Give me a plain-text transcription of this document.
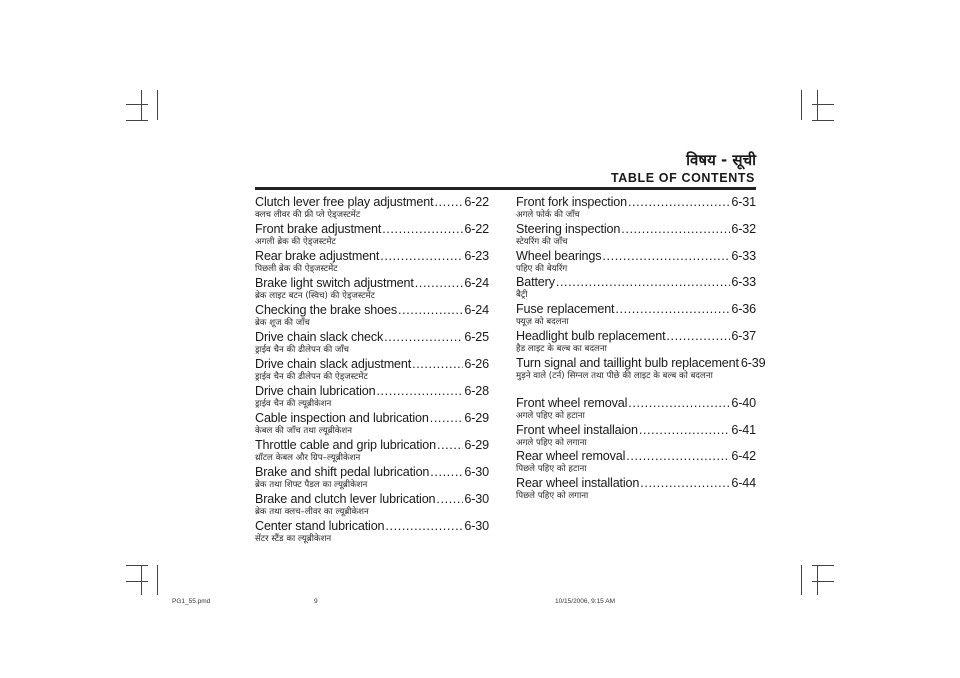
विषय - सूची
TABLE OF CONTENTS
Clutch lever free play adjustment ..... 6-22
क्लच लीवर की फ्री प्ले ऐड्जस्टमेंट
Front brake adjustment .....	6-22
अगली ब्रेक की ऐड्जस्टमेंट
Rear brake adjustment .....	6-23
पिछली ब्रेक की ऐड्जस्टमेंट
Brake light switch adjustment .....	6-24
ब्रेक लाइट बटन (स्विच) की ऐड्जस्टमेंट
Checking the brake shoes .....	6-24
ब्रेक शूज की जाँच
Drive chain slack check .....	6-25
ड्राईव चैन की ढीलेपन की जाँच
Drive chain slack adjustment .....	6-26
ड्राईव चैन की ढीलेपन की ऐड्जस्टमेंट
Drive chain lubrication .....	6-28
ड्राईव चैन की ल्यूब्रीकेशन
Cable inspection and lubrication .....	6-29
केबल की जाँच तथा ल्यूब्रीकेशन
Throttle cable and grip lubrication ..... 6-29
थ्रॉटल केबल और ग्रिप–ल्यूब्रीकेशन
Brake and shift pedal lubrication .....	6-30
ब्रेक तथा शिफ्ट पैडल का ल्यूब्रीकेशन
Brake and clutch lever lubrication ..... 6-30
ब्रेक तथा क्लच–लीवर का ल्यूब्रीकेशन
Center stand lubrication .....	6-30
सेंटर स्टैंड का ल्यूब्रीकेशन
Front fork inspection .....	6-31
अगले फोर्क की जाँच
Steering inspection .....	6-32
स्टेयरिंग की जाँच
Wheel bearings .....	6-33
पहिए की बेयरिंग
Battery .....	6-33
बैट्री
Fuse replacement .....	6-36
फ्यूज़ को बदलना
Headlight bulb replacement .....	6-37
हैड लाइट के बल्ब का बदलना
Turn signal and taillight bulb replacement 6-39
मुड़ने वाले (टर्न) सिग्नल तथा पीछे की लाइट के बल्ब को बदलना
Front wheel removal .....	6-40
अगले पहिए को हटाना
Front wheel installaion .....	6-41
अगले पहिए को लगाना
Rear wheel removal .....	6-42
पिछले पहिए को हटाना
Rear wheel installation .....	6-44
पिछले पहिए को लगाना
PG1_55.pmd	9	10/15/2006, 9:15 AM
